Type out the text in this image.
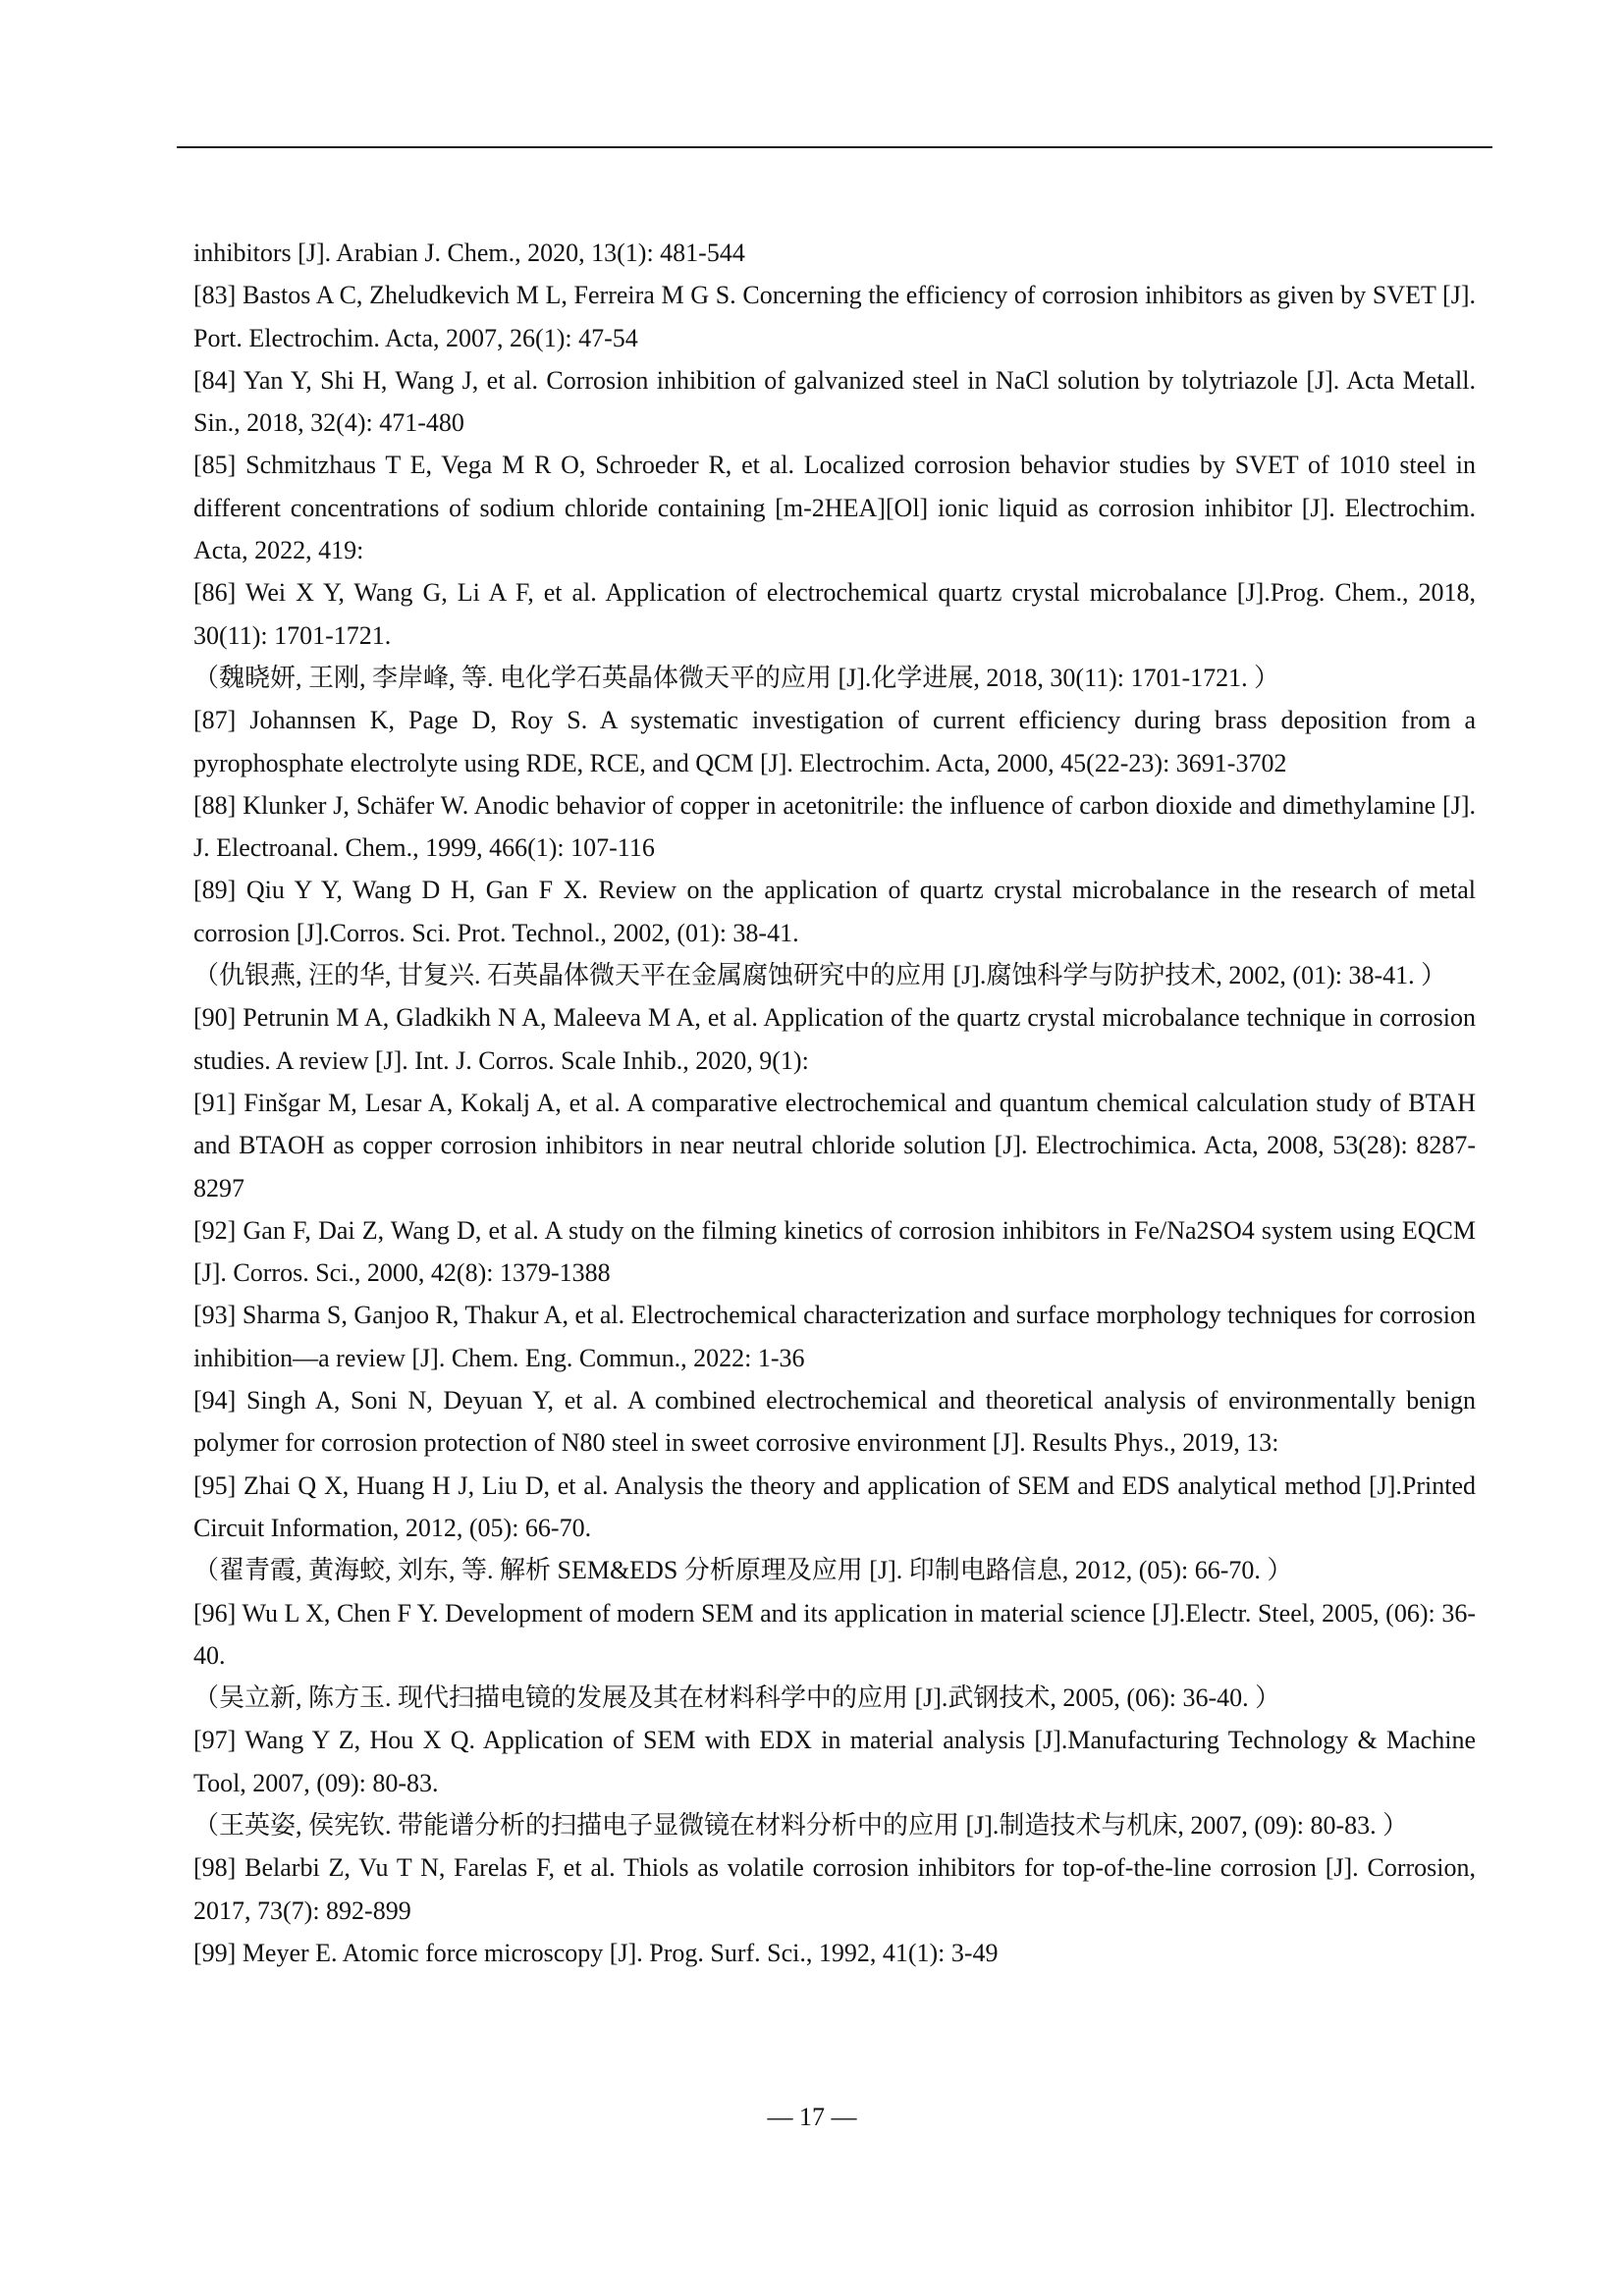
inhibitors [J]. Arabian J. Chem., 2020, 13(1): 481-544

[83] Bastos A C, Zheludkevich M L, Ferreira M G S. Concerning the efficiency of corrosion inhibitors as given by SVET [J]. Port. Electrochim. Acta, 2007, 26(1): 47-54

[84] Yan Y, Shi H, Wang J, et al. Corrosion inhibition of galvanized steel in NaCl solution by tolytriazole [J]. Acta Metall. Sin., 2018, 32(4): 471-480

[85] Schmitzhaus T E, Vega M R O, Schroeder R, et al. Localized corrosion behavior studies by SVET of 1010 steel in different concentrations of sodium chloride containing [m-2HEA][Ol] ionic liquid as corrosion inhibitor [J]. Electrochim. Acta, 2022, 419:

[86] Wei X Y, Wang G, Li A F, et al. Application of electrochemical quartz crystal microbalance [J].Prog. Chem., 2018, 30(11): 1701-1721.

（魏晓妍, 王刚, 李岸峰, 等. 电化学石英晶体微天平的应用 [J].化学进展, 2018, 30(11): 1701-1721. ）

[87] Johannsen K, Page D, Roy S. A systematic investigation of current efficiency during brass deposition from a pyrophosphate electrolyte using RDE, RCE, and QCM [J]. Electrochim. Acta, 2000, 45(22-23): 3691-3702

[88] Klunker J, Schäfer W. Anodic behavior of copper in acetonitrile: the influence of carbon dioxide and dimethylamine [J]. J. Electroanal. Chem., 1999, 466(1): 107-116

[89] Qiu Y Y, Wang D H, Gan F X. Review on the application of quartz crystal microbalance in the research of metal corrosion [J].Corros. Sci. Prot. Technol., 2002, (01): 38-41.

（仇银燕, 汪的华, 甘复兴. 石英晶体微天平在金属腐蚀研究中的应用 [J].腐蚀科学与防护技术, 2002, (01): 38-41. ）

[90] Petrunin M A, Gladkikh N A, Maleeva M A, et al. Application of the quartz crystal microbalance technique in corrosion studies. A review [J]. Int. J. Corros. Scale Inhib., 2020, 9(1):

[91] Finšgar M, Lesar A, Kokalj A, et al. A comparative electrochemical and quantum chemical calculation study of BTAH and BTAOH as copper corrosion inhibitors in near neutral chloride solution [J]. Electrochimica. Acta, 2008, 53(28): 8287-8297

[92] Gan F, Dai Z, Wang D, et al. A study on the filming kinetics of corrosion inhibitors in Fe/Na2SO4 system using EQCM [J]. Corros. Sci., 2000, 42(8): 1379-1388

[93] Sharma S, Ganjoo R, Thakur A, et al. Electrochemical characterization and surface morphology techniques for corrosion inhibition—a review [J]. Chem. Eng. Commun., 2022: 1-36

[94] Singh A, Soni N, Deyuan Y, et al. A combined electrochemical and theoretical analysis of environmentally benign polymer for corrosion protection of N80 steel in sweet corrosive environment [J]. Results Phys., 2019, 13:

[95] Zhai Q X, Huang H J, Liu D, et al. Analysis the theory and application of SEM and EDS analytical method [J].Printed Circuit Information, 2012, (05): 66-70.

（翟青霞, 黄海蛟, 刘东, 等. 解析 SEM&EDS 分析原理及应用 [J]. 印制电路信息, 2012, (05): 66-70. ）

[96] Wu L X, Chen F Y. Development of modern SEM and its application in material science [J].Electr. Steel, 2005, (06): 36-40.

（吴立新, 陈方玉. 现代扫描电镜的发展及其在材料科学中的应用 [J].武钢技术, 2005, (06): 36-40. ）

[97] Wang Y Z, Hou X Q. Application of SEM with EDX in material analysis [J].Manufacturing Technology & Machine Tool, 2007, (09): 80-83.

（王英姿, 侯宪钦. 带能谱分析的扫描电子显微镜在材料分析中的应用 [J].制造技术与机床, 2007, (09): 80-83. ）

[98] Belarbi Z, Vu T N, Farelas F, et al. Thiols as volatile corrosion inhibitors for top-of-the-line corrosion [J]. Corrosion, 2017, 73(7): 892-899

[99] Meyer E. Atomic force microscopy [J]. Prog. Surf. Sci., 1992, 41(1): 3-49

— 17 —
